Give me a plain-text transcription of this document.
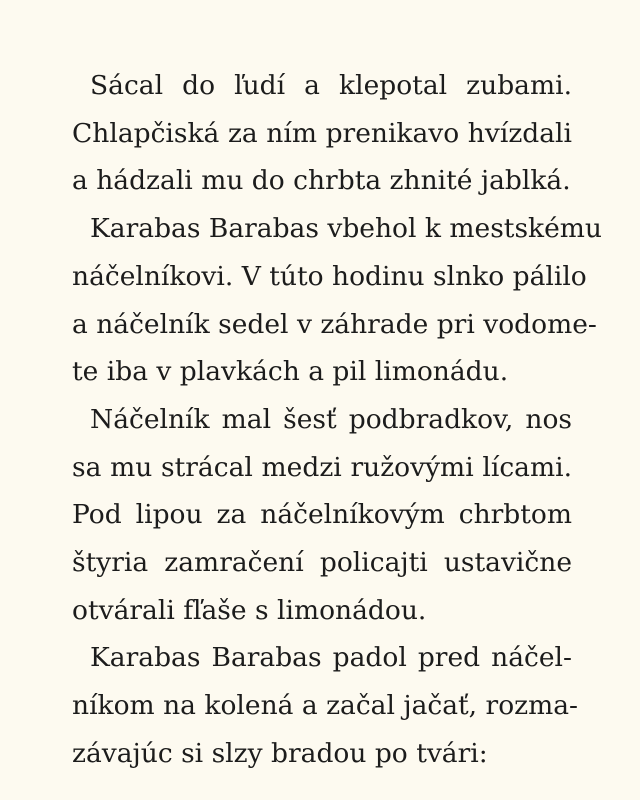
Sácal do ľudí a klepotal zubami.
Chlapčiská za ním prenikavo hvízdali
a hádzali mu do chrbta zhnité jablká.
Karabas Barabas vbehol k mestskému
náčelníkovi. V túto hodinu slnko pálilo
a náčelník sedel v záhrade pri vodome-
te iba v plavkách a pil limonádu.
Náčelník mal šesť podbradkov, nos
sa mu strácal medzi ružovými lícami.
Pod lipou za náčelníkovým chrbtom
štyria zamračení policajti ustavične
otvárali fľaše s limonádou.
Karabas Barabas padol pred náčel-
níkom na kolená a začal jačať, rozma-
závajúc si slzy bradou po tvári:
